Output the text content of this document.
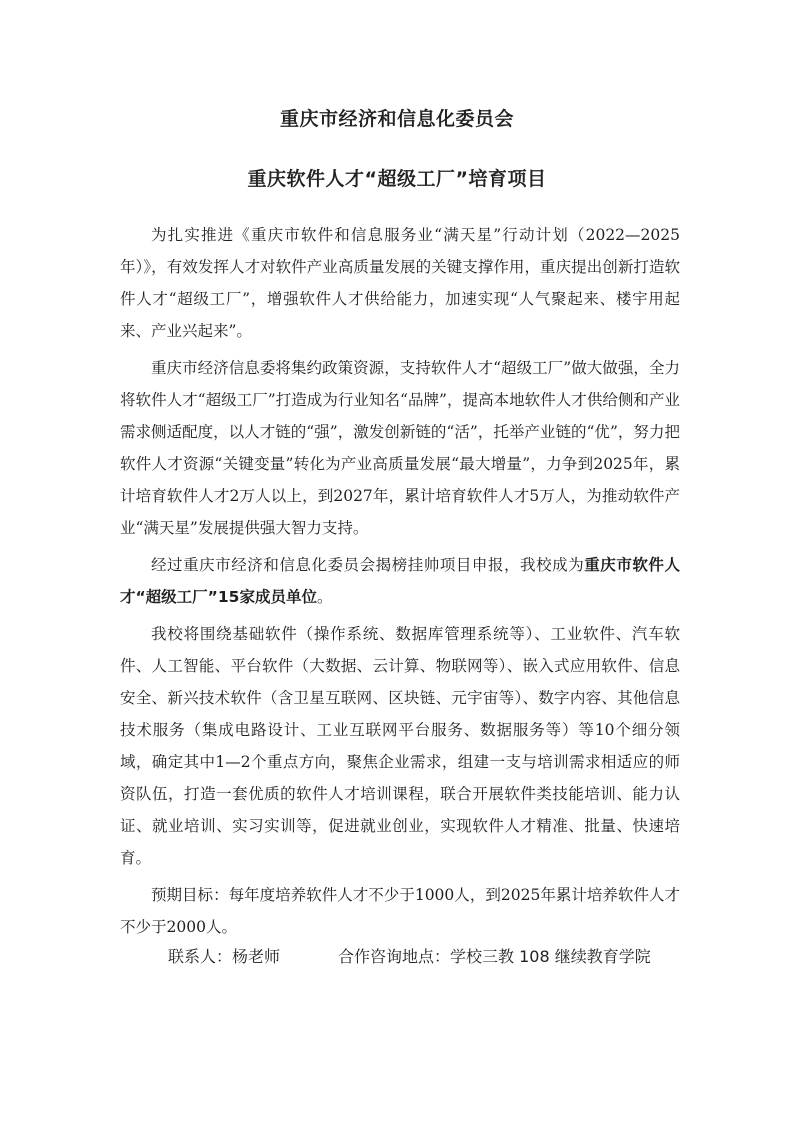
重庆市经济和信息化委员会
重庆软件人才“超级工厂”培育项目

为扎实推进《重庆市软件和信息服务业“满天星”行动计划（2022—2025年）》，有效发挥人才对软件产业高质量发展的关键支撑作用，重庆提出创新打造软件人才“超级工厂”，增强软件人才供给能力，加速实现“人气聚起来、楼宇用起来、产业兴起来”。

重庆市经济信息委将集约政策资源，支持软件人才“超级工厂”做大做强，全力将软件人才“超级工厂”打造成为行业知名“品牌”，提高本地软件人才供给侧和产业需求侧适配度，以人才链的“强”，激发创新链的“活”，托举产业链的“优”，努力把软件人才资源“关键变量”转化为产业高质量发展“最大增量”，力争到2025年，累计培育软件人才2万人以上，到2027年，累计培育软件人才5万人，为推动软件产业“满天星”发展提供强大智力支持。

经过重庆市经济和信息化委员会揭榜挂帅项目申报，我校成为重庆市软件人才“超级工厂”15家成员单位。

我校将围绕基础软件（操作系统、数据库管理系统等）、工业软件、汽车软件、人工智能、平台软件（大数据、云计算、物联网等）、嵌入式应用软件、信息安全、新兴技术软件（含卫星互联网、区块链、元宇宙等）、数字内容、其他信息技术服务（集成电路设计、工业互联网平台服务、数据服务等）等10个细分领域，确定其中1—2个重点方向，聚焦企业需求，组建一支与培训需求相适应的师资队伍，打造一套优质的软件人才培训课程，联合开展软件类技能培训、能力认证、就业培训、实习实训等，促进就业创业，实现软件人才精准、批量、快速培育。

预期目标：每年度培养软件人才不少于1000人，到2025年累计培养软件人才不少于2000人。

联系人：杨老师	合作咨询地点：学校三教 108 继续教育学院
